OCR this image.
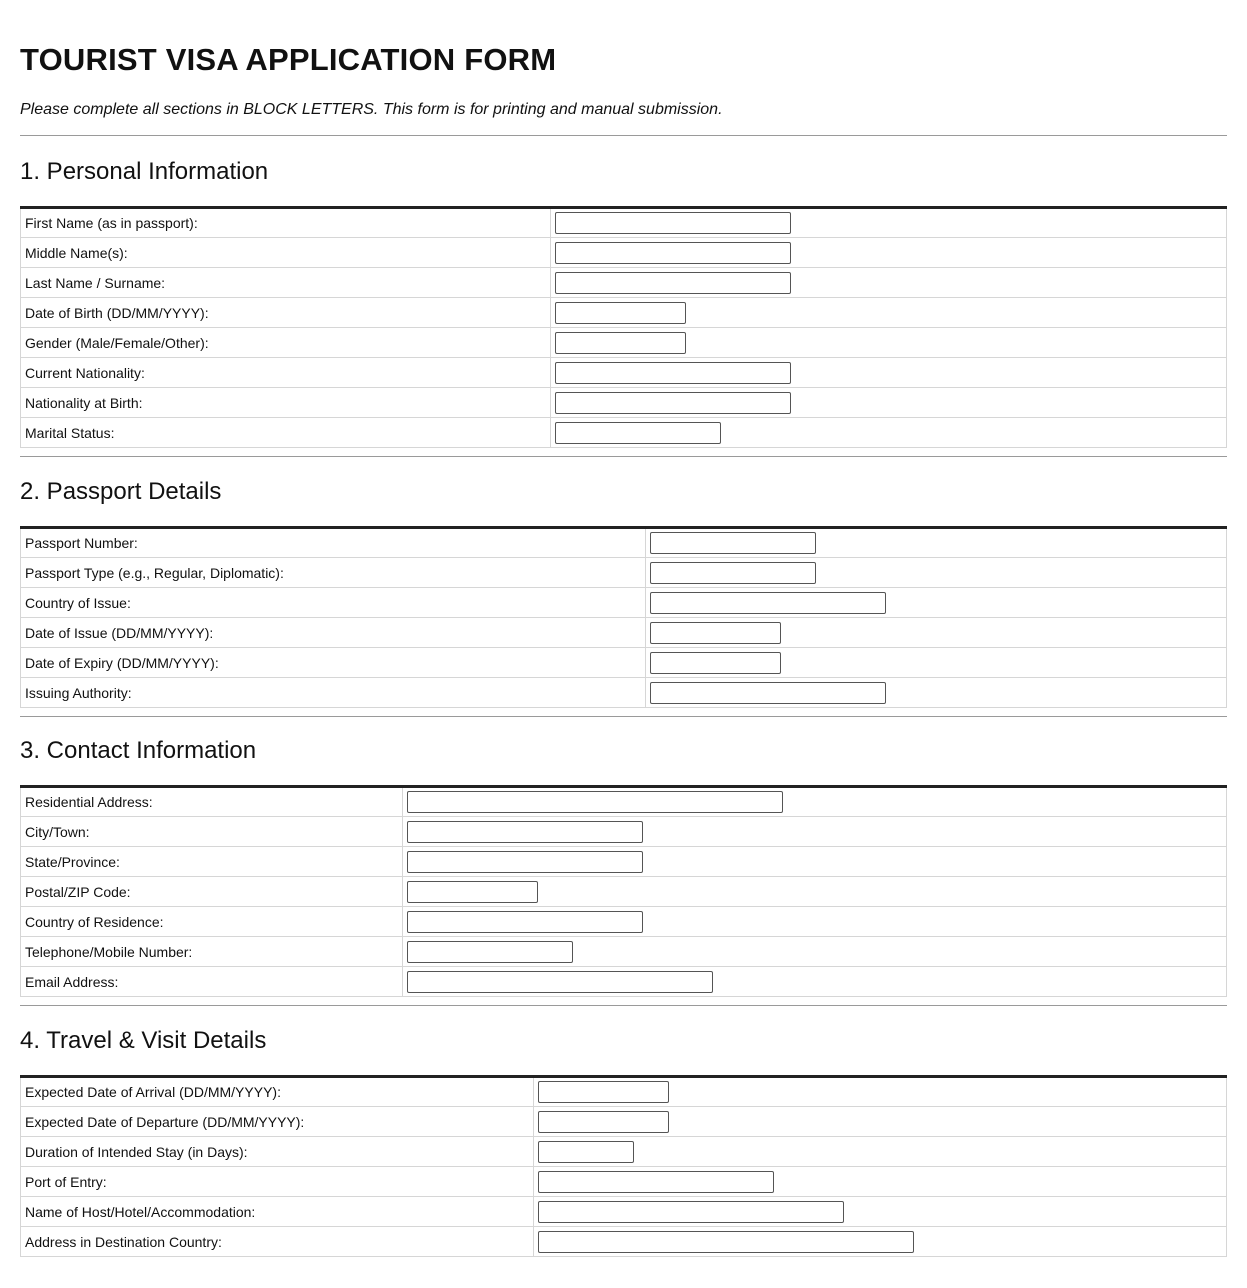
TOURIST VISA APPLICATION FORM

Please complete all sections in BLOCK LETTERS. This form is for printing and manual submission.

1. Personal Information
First Name (as in passport):	

Middle Name(s):	

Last Name / Surname:	

Date of Birth (DD/MM/YYYY):	

Gender (Male/Female/Other):	

Current Nationality:	

Nationality at Birth:	

Marital Status:	
2. Passport Details
Passport Number:	

Passport Type (e.g., Regular, Diplomatic):	

Country of Issue:	

Date of Issue (DD/MM/YYYY):	

Date of Expiry (DD/MM/YYYY):	

Issuing Authority:	
3. Contact Information
Residential Address:	

City/Town:	

State/Province:	

Postal/ZIP Code:	

Country of Residence:	

Telephone/Mobile Number:	

Email Address:	
4. Travel & Visit Details
Expected Date of Arrival (DD/MM/YYYY):	

Expected Date of Departure (DD/MM/YYYY):	

Duration of Intended Stay (in Days):	

Port of Entry:	

Name of Host/Hotel/Accommodation:	

Address in Destination Country:	
